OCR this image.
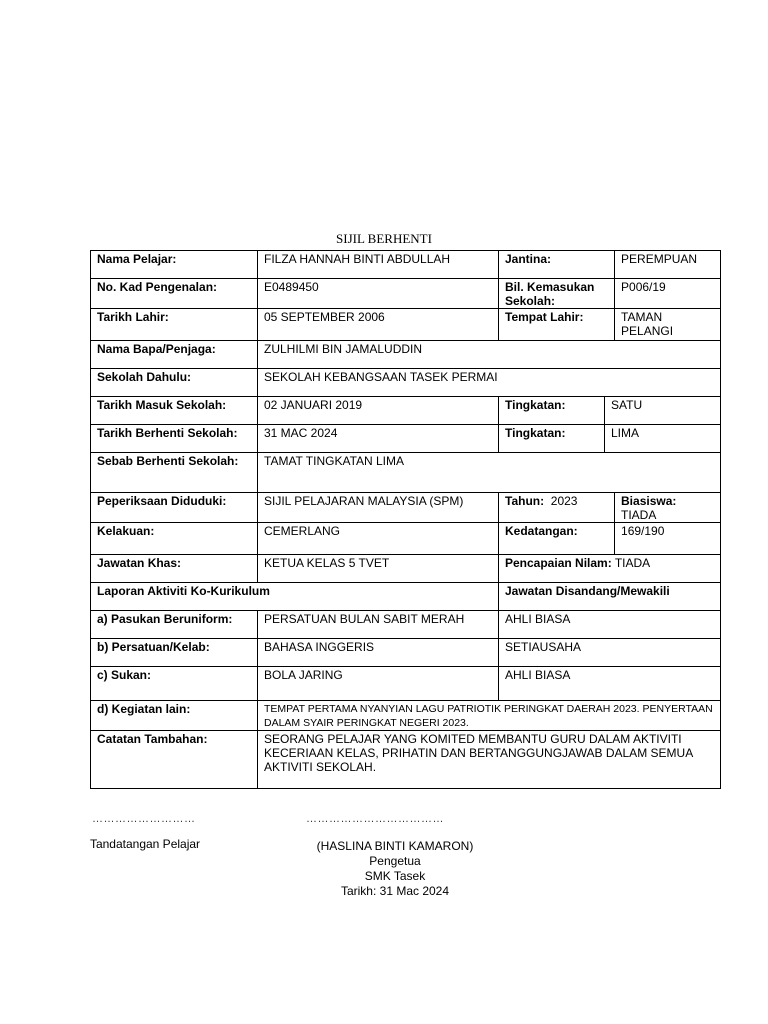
SIJIL BERHENTI
Nama Pelajar:	FILZA HANNAH BINTI ABDULLAH	Jantina:		PEREMPUAN
No. Kad Pengenalan:	E0489450	Bil. Kemasukan Sekolah:		P006/19
Tarikh Lahir:	05 SEPTEMBER 2006	Tempat Lahir:		TAMAN PELANGI
Nama Bapa/Penjaga:	ZULHILMI BIN JAMALUDDIN			
Sekolah Dahulu:	SEKOLAH KEBANGSAAN TASEK PERMAI			
Tarikh Masuk Sekolah:	02 JANUARI 2019	Tingkatan:	SATU	
Tarikh Berhenti Sekolah:	31 MAC 2024	Tingkatan:	LIMA	
Sebab Berhenti Sekolah:	TAMAT TINGKATAN LIMA			
Peperiksaan Diduduki:	SIJIL PELAJARAN MALAYSIA (SPM)	Tahun: 2023		Biasiswa:  TIADA
Kelakuan:	CEMERLANG	Kedatangan:		169/190
Jawatan Khas:	KETUA KELAS 5 TVET	Pencapaian Nilam: TIADA		
Laporan Aktiviti Ko-Kurikulum		Jawatan Disandang/Mewakili		
a) Pasukan Beruniform:	PERSATUAN BULAN SABIT MERAH	AHLI BIASA		
b) Persatuan/Kelab:	BAHASA INGGERIS	SETIAUSAHA		
c) Sukan:	BOLA JARING	AHLI BIASA		
d) Kegiatan lain:	TEMPAT PERTAMA NYANYIAN LAGU PATRIOTIK PERINGKAT DAERAH 2023. PENYERTAAN DALAM SYAIR PERINGKAT NEGERI 2023.			
Catatan Tambahan:	SEORANG PELAJAR YANG KOMITED MEMBANTU GURU DALAM AKTIVITI KECERIAAN KELAS, PRIHATIN DAN BERTANGGUNGJAWAB DALAM SEMUA AKTIVITI SEKOLAH.			
………………………	………………………………
Tandatangan Pelajar	(HASLINA BINTI KAMARON)
Pengetua
SMK Tasek
Tarikh: 31 Mac 2024
